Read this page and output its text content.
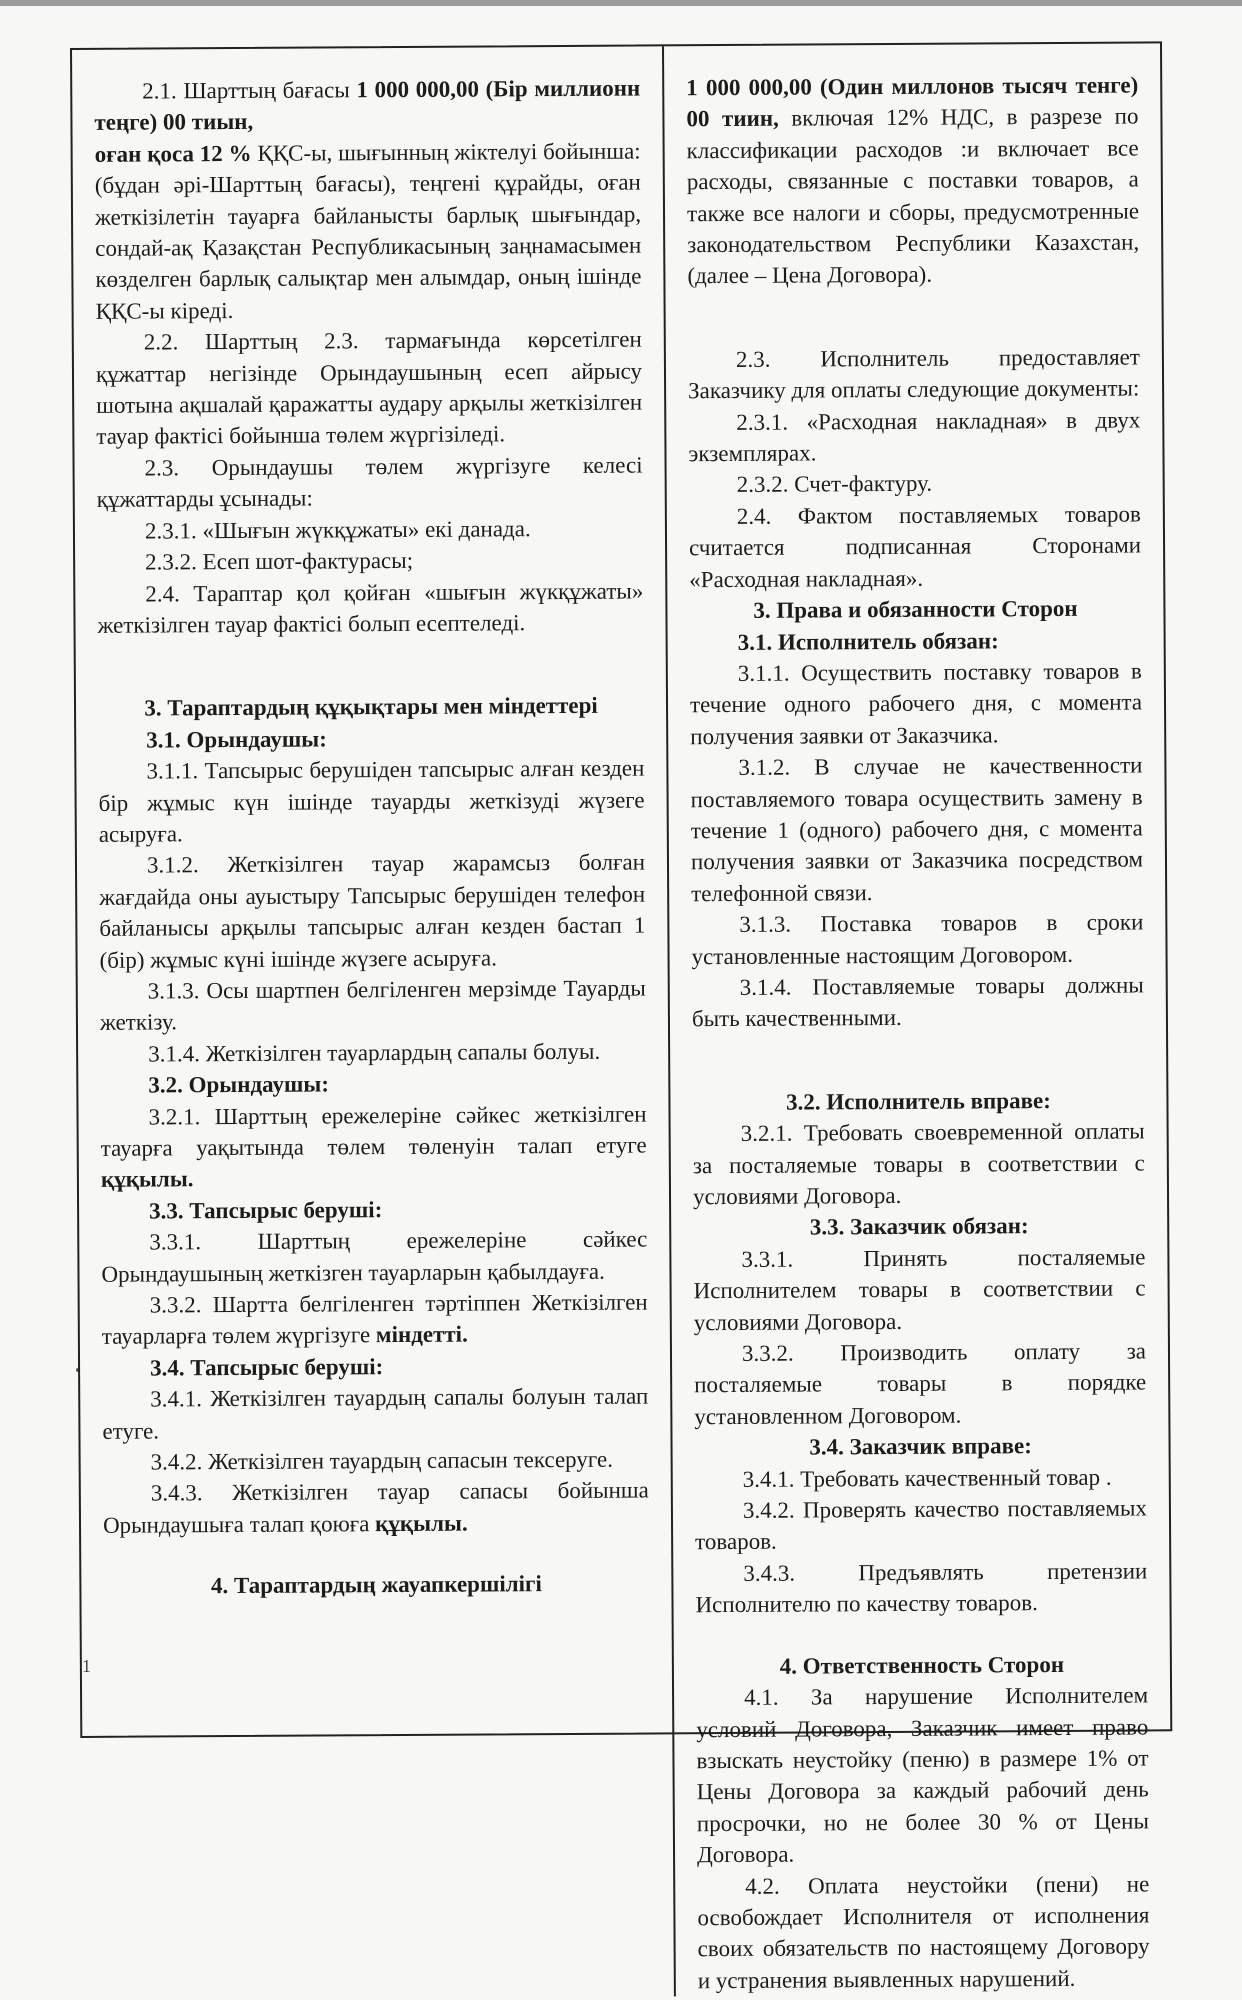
1

2.1. Шарттың бағасы 1 000 000,00 (Бір миллионн теңге) 00 тиын,

оған қоса 12 % ҚҚС-ы, шығынның жіктелуі бойынша:(бұдан әрі-Шарттың бағасы), теңгені құрайды, оған жеткізілетін тауарға байланысты барлық шығындар, сондай-ақ Қазақстан Республикасының заңнамасымен көзделген барлық салықтар мен алымдар, оның ішінде ҚҚС-ы кіреді.

2.2. Шарттың 2.3. тармағында көрсетілген құжаттар негізінде Орындаушының есеп айрысу шотына ақшалай қаражатты аудару арқылы жеткізілген тауар фактісі бойынша төлем жүргізіледі.

2.3. Орындаушы төлем жүргізуге келесі құжаттарды ұсынады:

2.3.1. «Шығын жүкқұжаты» екі данада.

2.3.2. Есеп шот-фактурасы;

2.4. Тараптар қол қойған «шығын жүкқұжаты» жеткізілген тауар фактісі болып есептеледі.

3. Тараптардың құқықтары мен міндеттері

3.1. Орындаушы:

3.1.1. Тапсырыс берушіден тапсырыс алған кезден бір жұмыс күн ішінде тауарды жеткізуді жүзеге асыруға.

3.1.2. Жеткізілген тауар жарамсыз болған жағдайда оны ауыстыру Тапсырыс берушіден телефон байланысы арқылы тапсырыс алған кезден бастап 1 (бір) жұмыс күні ішінде жүзеге асыруға.

3.1.3. Осы шартпен белгіленген мерзімде Тауарды жеткізу.

3.1.4. Жеткізілген тауарлардың сапалы болуы.

3.2. Орындаушы:

3.2.1. Шарттың ережелеріне сәйкес жеткізілген тауарға уақытында төлем төленуін талап етуге құқылы.

3.3. Тапсырыс беруші:

3.3.1. Шарттың ережелеріне сәйкес Орындаушының жеткізген тауарларын қабылдауға.

3.3.2. Шартта белгіленген тәртіппен Жеткізілген тауарларға төлем жүргізуге міндетті.

3.4. Тапсырыс беруші:

3.4.1. Жеткізілген тауардың сапалы болуын талап етуге.

3.4.2. Жеткізілген тауардың сапасын тексеруге.

3.4.3. Жеткізілген тауар сапасы бойынша Орындаушыға талап қоюға құқылы.

4. Тараптардың жауапкершілігі

1 000 000,00 (Один миллонов тысяч тенге) 00 тиин, включая 12% НДС, в разрезе по классификации расходов :и включает все расходы, связанные с поставки товаров, а также все налоги и сборы, предусмотренные законодательством Республики Казахстан, (далее – Цена Договора).

2.3. Исполнитель предоставляет Заказчику для оплаты следующие документы:

2.3.1. «Расходная накладная» в двух экземплярах.

2.3.2. Счет-фактуру.

2.4. Фактом поставляемых товаров считается подписанная Сторонами «Расходная накладная».

3. Права и обязанности Сторон

3.1. Исполнитель обязан:

3.1.1. Осуществить поставку товаров в течение одного рабочего дня, с момента получения заявки от Заказчика.

3.1.2. В случае не качественности поставляемого товара осуществить замену в течение 1 (одного) рабочего дня, с момента получения заявки от Заказчика посредством телефонной связи.

3.1.3. Поставка товаров в сроки установленные настоящим Договором.

3.1.4. Поставляемые товары должны быть качественными.

3.2. Исполнитель вправе:

3.2.1. Требовать своевременной оплаты за посталяемые товары в соответствии с условиями Договора.

3.3. Заказчик обязан:

3.3.1. Принять посталяемые Исполнителем товары в соответствии с условиями Договора.

3.3.2. Производить оплату за посталяемые товары в порядке установленном Договором.

3.4. Заказчик вправе:

3.4.1. Требовать качественный товар .

3.4.2. Проверять качество поставляемых товаров.

3.4.3. Предъявлять претензии Исполнителю по качеству товаров.

4. Ответственность Сторон

4.1. За нарушение Исполнителем условий Договора, Заказчик имеет право взыскать неустойку (пеню) в размере 1% от Цены Договора за каждый рабочий день просрочки, но не более 30 % от Цены Договора.

4.2. Оплата неустойки (пени) не освобождает Исполнителя от исполнения своих обязательств по настоящему Договору и устранения выявленных нарушений.
